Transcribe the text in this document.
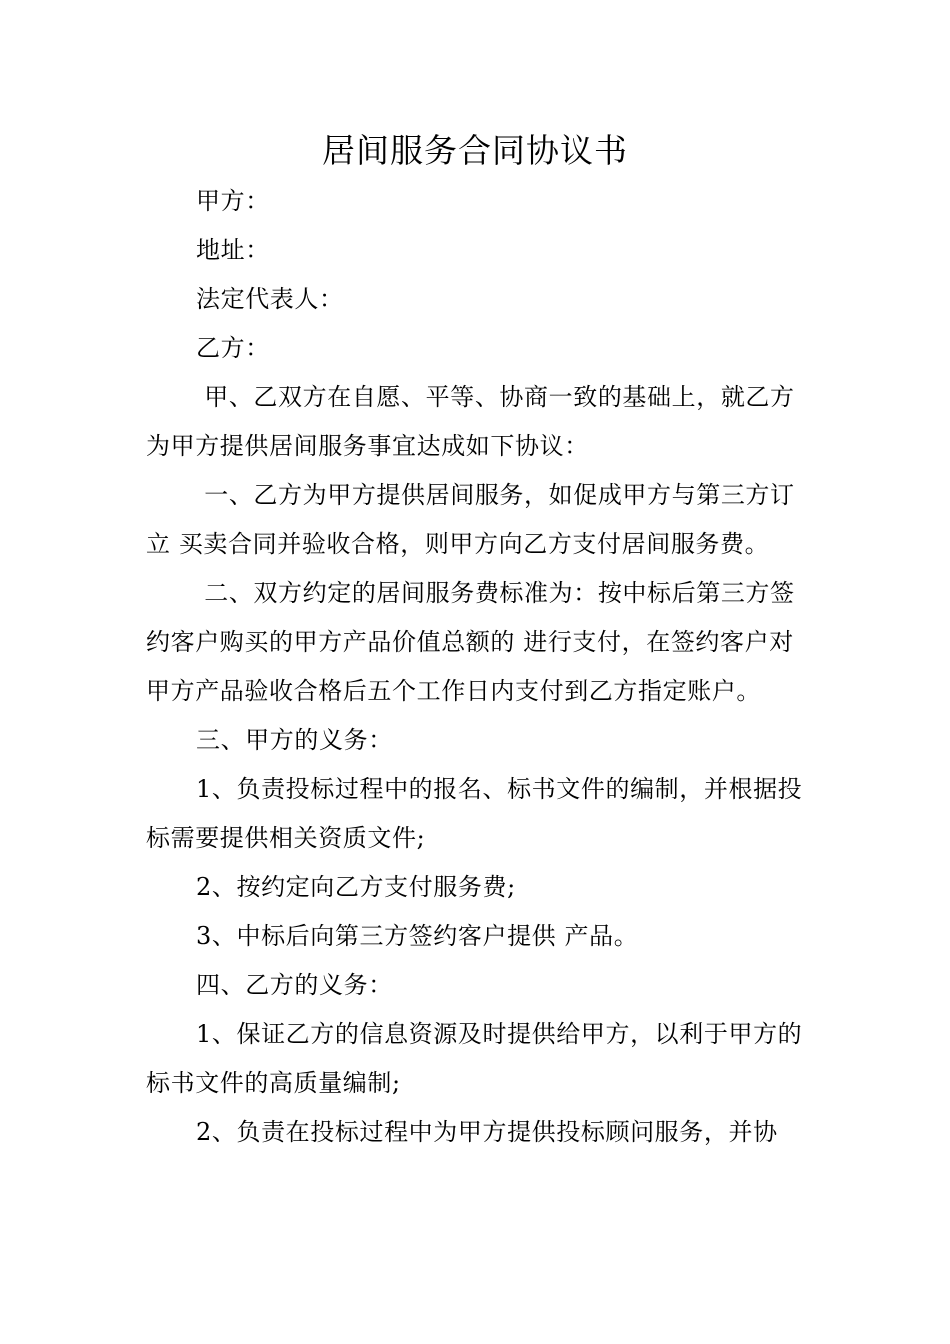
居间服务合同协议书

甲方：

地址：

法定代表人：

乙方：

甲、乙双方在自愿、平等、协商一致的基础上，就乙方为甲方提供居间服务事宜达成如下协议：

一、乙方为甲方提供居间服务，如促成甲方与第三方订立 买卖合同并验收合格，则甲方向乙方支付居间服务费。

二、双方约定的居间服务费标准为：按中标后第三方签约客户购买的甲方产品价值总额的 进行支付，在签约客户对甲方产品验收合格后五个工作日内支付到乙方指定账户。

三、甲方的义务：

1、负责投标过程中的报名、标书文件的编制，并根据投标需要提供相关资质文件;

2、按约定向乙方支付服务费;

3、中标后向第三方签约客户提供 产品。

四、乙方的义务：

1、保证乙方的信息资源及时提供给甲方，以利于甲方的标书文件的高质量编制;

2、负责在投标过程中为甲方提供投标顾问服务，并协
